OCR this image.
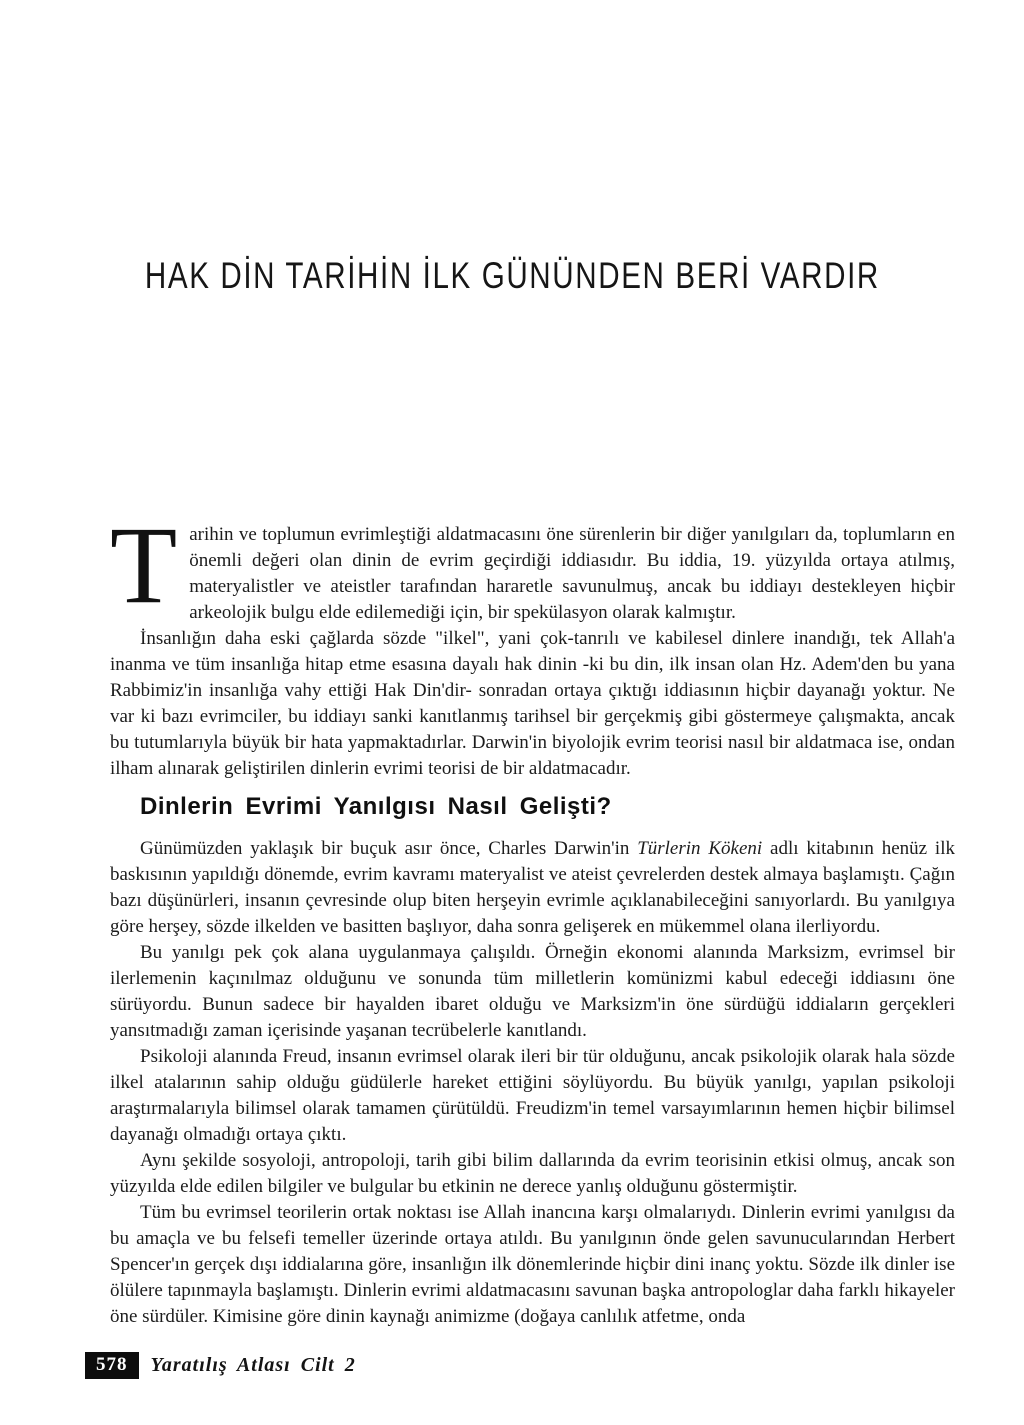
HAK DİN TARİHİN İLK GÜNÜNDEN BERİ VARDIR

Tarihin ve toplumun evrimleştiği aldatmacasını öne sürenlerin bir diğer yanılgıları da, toplumların en önemli değeri olan dinin de evrim geçirdiği iddiasıdır. Bu iddia, 19. yüzyılda ortaya atılmış, materyalistler ve ateistler tarafından hararetle savunulmuş, ancak bu iddiayı destekleyen hiçbir arkeolojik bulgu elde edilemediği için, bir spekülasyon olarak kalmıştır.

İnsanlığın daha eski çağlarda sözde "ilkel", yani çok-tanrılı ve kabilesel dinlere inandığı, tek Allah'a inanma ve tüm insanlığa hitap etme esasına dayalı hak dinin -ki bu din, ilk insan olan Hz. Adem'den bu yana Rabbimiz'in insanlığa vahy ettiği Hak Din'dir- sonradan ortaya çıktığı iddiasının hiçbir dayanağı yoktur. Ne var ki bazı evrimciler, bu iddiayı sanki kanıtlanmış tarihsel bir gerçekmiş gibi göstermeye çalışmakta, ancak bu tutumlarıyla büyük bir hata yapmaktadırlar. Darwin'in biyolojik evrim teorisi nasıl bir aldatmaca ise, ondan ilham alınarak geliştirilen dinlerin evrimi teorisi de bir aldatmacadır.

Dinlerin Evrimi Yanılgısı Nasıl Gelişti?

Günümüzden yaklaşık bir buçuk asır önce, Charles Darwin'in Türlerin Kökeni adlı kitabının henüz ilk baskısının yapıldığı dönemde, evrim kavramı materyalist ve ateist çevrelerden destek almaya başlamıştı. Çağın bazı düşünürleri, insanın çevresinde olup biten herşeyin evrimle açıklanabileceğini sanıyorlardı. Bu yanılgıya göre herşey, sözde ilkelden ve basitten başlıyor, daha sonra gelişerek en mükemmel olana ilerliyordu.

Bu yanılgı pek çok alana uygulanmaya çalışıldı. Örneğin ekonomi alanında Marksizm, evrimsel bir ilerlemenin kaçınılmaz olduğunu ve sonunda tüm milletlerin komünizmi kabul edeceği iddiasını öne sürüyordu. Bunun sadece bir hayalden ibaret olduğu ve Marksizm'in öne sürdüğü iddiaların gerçekleri yansıtmadığı zaman içerisinde yaşanan tecrübelerle kanıtlandı.

Psikoloji alanında Freud, insanın evrimsel olarak ileri bir tür olduğunu, ancak psikolojik olarak hala sözde ilkel atalarının sahip olduğu güdülerle hareket ettiğini söylüyordu. Bu büyük yanılgı, yapılan psikoloji araştırmalarıyla bilimsel olarak tamamen çürütüldü. Freudizm'in temel varsayımlarının hemen hiçbir bilimsel dayanağı olmadığı ortaya çıktı.

Aynı şekilde sosyoloji, antropoloji, tarih gibi bilim dallarında da evrim teorisinin etkisi olmuş, ancak son yüzyılda elde edilen bilgiler ve bulgular bu etkinin ne derece yanlış olduğunu göstermiştir.

Tüm bu evrimsel teorilerin ortak noktası ise Allah inancına karşı olmalarıydı. Dinlerin evrimi yanılgısı da bu amaçla ve bu felsefi temeller üzerinde ortaya atıldı. Bu yanılgının önde gelen savunucularından Herbert Spencer'ın gerçek dışı iddialarına göre, insanlığın ilk dönemlerinde hiçbir dini inanç yoktu. Sözde ilk dinler ise ölülere tapınmayla başlamıştı. Dinlerin evrimi aldatmacasını savunan başka antropologlar daha farklı hikayeler öne sürdüler. Kimisine göre dinin kaynağı animizme (doğaya canlılık atfetme, onda

578	Yaratılış Atlası Cilt 2
